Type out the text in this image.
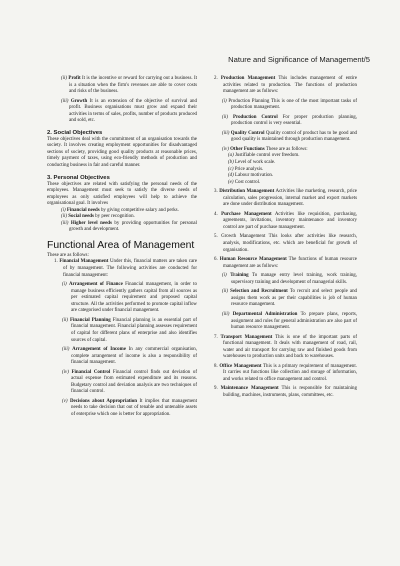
Nature and Significance of Management/5

(ii) Profit It is the incentive or reward for carrying out a business. It is a situation when the firm's revenues are able to cover costs and risks of the business.

(iii) Growth It is an extension of the objective of survival and profit. Business organisations must grow and expand their activities in terms of sales, profits, number of products produced and sold, etc.

2. Social Objectives

These objectives deal with the commitment of an organisation towards the society. It involves creating employment opportunities for disadvantaged sections of society, providing good quality products at reasonable prices, timely payment of taxes, using eco-friendly methods of production and conducting business in fair and careful manner.

3. Personal Objectives

These objectives are related with satisfying the personal needs of the employees. Management must seek to satisfy the diverse needs of employees as only satisfied employees will help to achieve the organisational goal. It involves

(i) Financial needs by giving competitive salary and perks.

(ii) Social needs by peer recognition.

(iii) Higher level needs by providing opportunities for personal growth and development.

Functional Area of Management

These are as follows:

1. Financial Management Under this, financial matters are taken care of by management. The following activities are conducted for financial management:

(i) Arrangement of Finance Financial management, in order to manage business efficiently gathers capital from all sources as per estimated capital requirement and proposed capital structure. All the activities performed to promote capital inflow are categorised under financial management.

(ii) Financial Planning Financial planning is an essential part of financial management. Financial planning assesses requirement of capital for different plans of enterprise and also identifies sources of capital.

(iii) Arrangement of Income In any commercial organisation, complete arrangement of income is also a responsibility of financial management.

(iv) Financial Control Financial control finds out deviation of actual expense from estimated expenditure and its reasons. Budgetary control and deviation analysis are two techniques of financial control.

(v) Decisions about Appropriation It implies that management needs to take decision that out of tenable and untenable assets of enterprise which one is better for appropriation.

2. Production Management This includes management of entire activities related to production. The functions of production management are as follows:

(i) Production Planning This is one of the most important tasks of production management.

(ii) Production Control For proper production planning, production control is very essential.

(iii) Quality Control Quality control of product has to be good and good quality is maintained through production management.

(iv) Other Functions These are as follows:

(a) Justifiable control over freedom.

(b) Level of work scale.

(c) Price analysis.

(d) Labour motivation.

(e) Cost control.

3. Distribution Management Activities like marketing, research, price calculation, sales progression, internal market and export markets are done under distribution management.

4. Purchase Management Activities like requisition, purchasing, agreements, invitations, inventory maintenance and inventory control are part of purchase management.

5. Growth Management This looks after activities like research, analysis, modifications, etc. which are beneficial for growth of organisation.

6. Human Resource Management The functions of human resource management are as follows:

(i) Training To manage entry level training, work training, supervisory training and development of managerial skills.

(ii) Selection and Recruitment To recruit and select people and assigns them work as per their capabilities is job of human resource management.

(iii) Departmental Administration To prepare plans, reports, assignment and rules for general administration are also part of human resource management.

7. Transport Management This is one of the important parts of functional management. It deals with management of road, rail, water and air transport for carrying raw and finished goods from warehouses to production units and back to warehouses.

8. Office Management This is a primary requirement of management. It carries out functions like collection and storage of information, and works related to office management and control.

9. Maintenance Management This is responsible for maintaining building, machines, instruments, plans, committees, etc.
